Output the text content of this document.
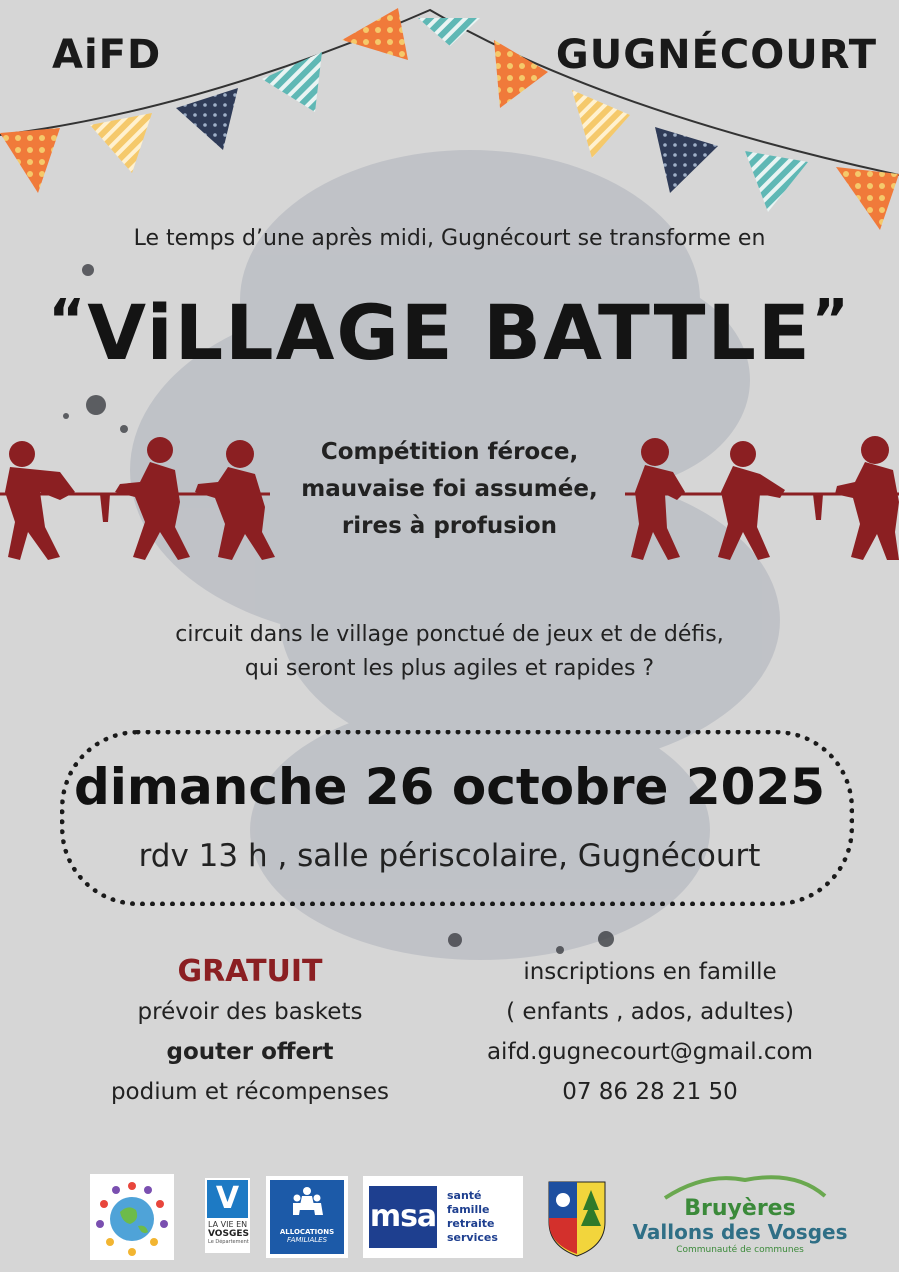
AiFD	GUGNÉCOURT
Le temps d’une après midi, Gugnécourt se transforme en
“ViLLAGE BATTLE”
Compétition féroce,
mauvaise foi assumée,
rires à profusion
circuit dans le village ponctué de jeux et de défis,
qui seront les plus agiles et rapides ?
dimanche 26 octobre 2025
rdv 13 h , salle périscolaire, Gugnécourt
GRATUIT
prévoir des baskets
gouter offert
podium et récompenses
inscriptions en famille
( enfants , ados, adultes)
aifd.gugnecourt@gmail.com
07 86 28 21 50
V
LA VIE EN
VOSGES
Le Département
ALLOCATIONS
FAMILIALES
msa
santé
famille
retraite
services
Bruyères
Vallons des Vosges
Communauté de communes
